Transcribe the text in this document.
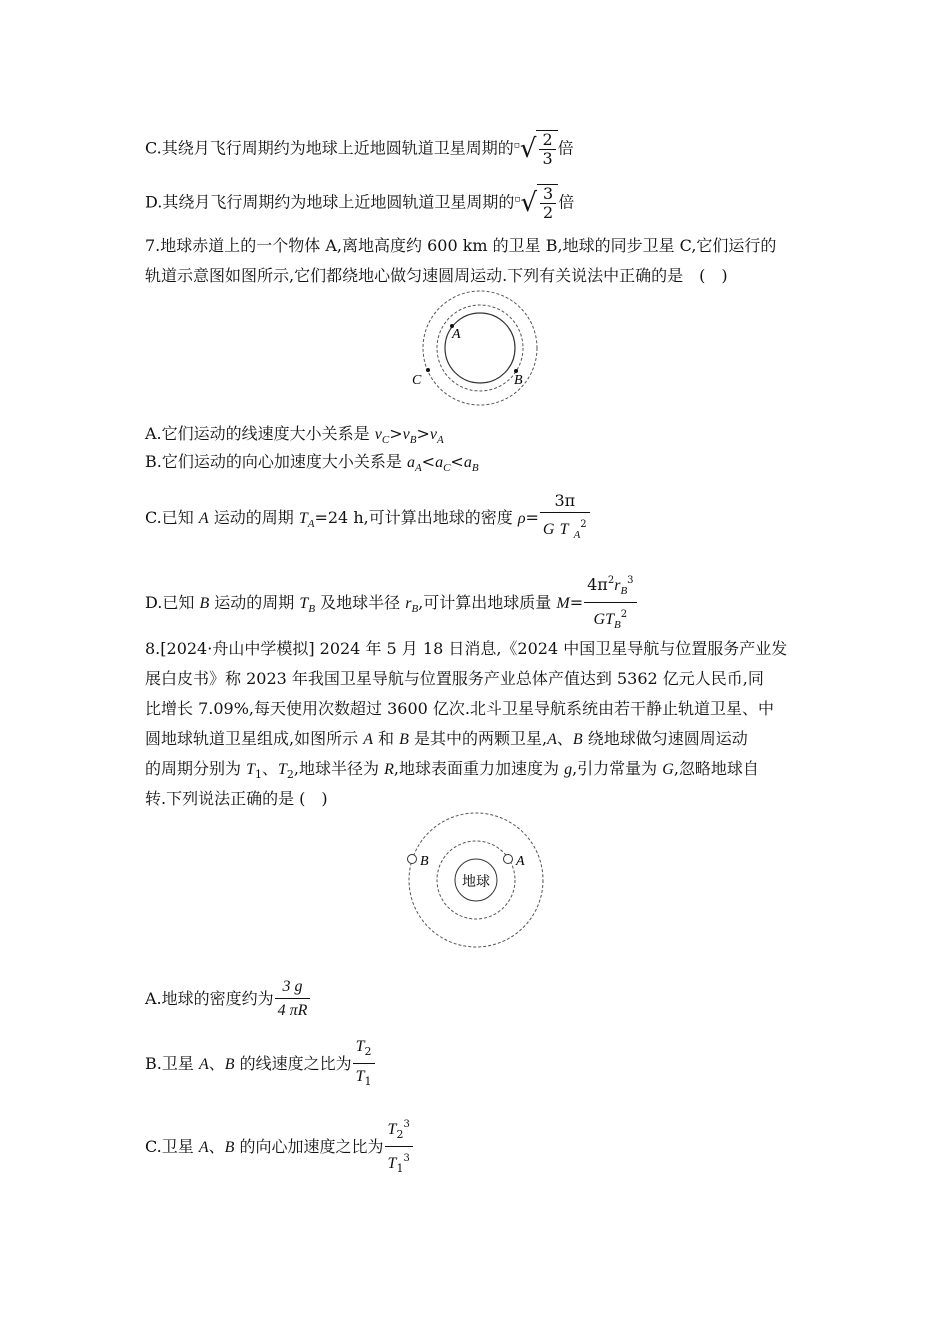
C.其绕月飞行周期约为地球上近地圆轨道卫星周期的▫ √ $\frac{2}{3}$ 倍
D.其绕月飞行周期约为地球上近地圆轨道卫星周期的▫ √ $\frac{3}{2}$ 倍
7.地球赤道上的一个物体 A,离地高度约 600 km 的卫星 B,地球的同步卫星 C,它们运行的
轨道示意图如图所示,它们都绕地心做匀速圆周运动.下列有关说法中正确的是　(　)
A
B
C
A.它们运动的线速度大小关系是 $v_C>v_B>v_A$
B.它们运动的向心加速度大小关系是 $a_A<a_C<a_B$
C.已知 A 运动的周期 $T_A=24$ h,可计算出地球的密度 $\rho= \frac{3\pi}{G T _A^2}$
D.已知 B 运动的周期 $T_B$ 及地球半径 $r_B$,可计算出地球质量 $M= \frac{4\pi^2r_B^3}{GT_B^2}$
8.[2024·舟山中学模拟] 2024 年 5 月 18 日消息,《2024 中国卫星导航与位置服务产业发
展白皮书》称 2023 年我国卫星导航与位置服务产业总体产值达到 5362 亿元人民币,同
比增长 7.09%,每天使用次数超过 3600 亿次.北斗卫星导航系统由若干静止轨道卫星、中
圆地球轨道卫星组成,如图所示 A 和 B 是其中的两颗卫星,A、B 绕地球做匀速圆周运动
的周期分别为 $T_1$、$T_2$,地球半径为 R,地球表面重力加速度为 g,引力常量为 G,忽略地球自
转.下列说法正确的是 (　)
地球
B	A
A.地球的密度约为 $\frac{3 g}{4 \pi R}$
B.卫星 A、B 的线速度之比为 $\frac{T_2}{T_1}$
C.卫星 A、B 的向心加速度之比为 $\frac{T_2^3}{T_1^3}$
